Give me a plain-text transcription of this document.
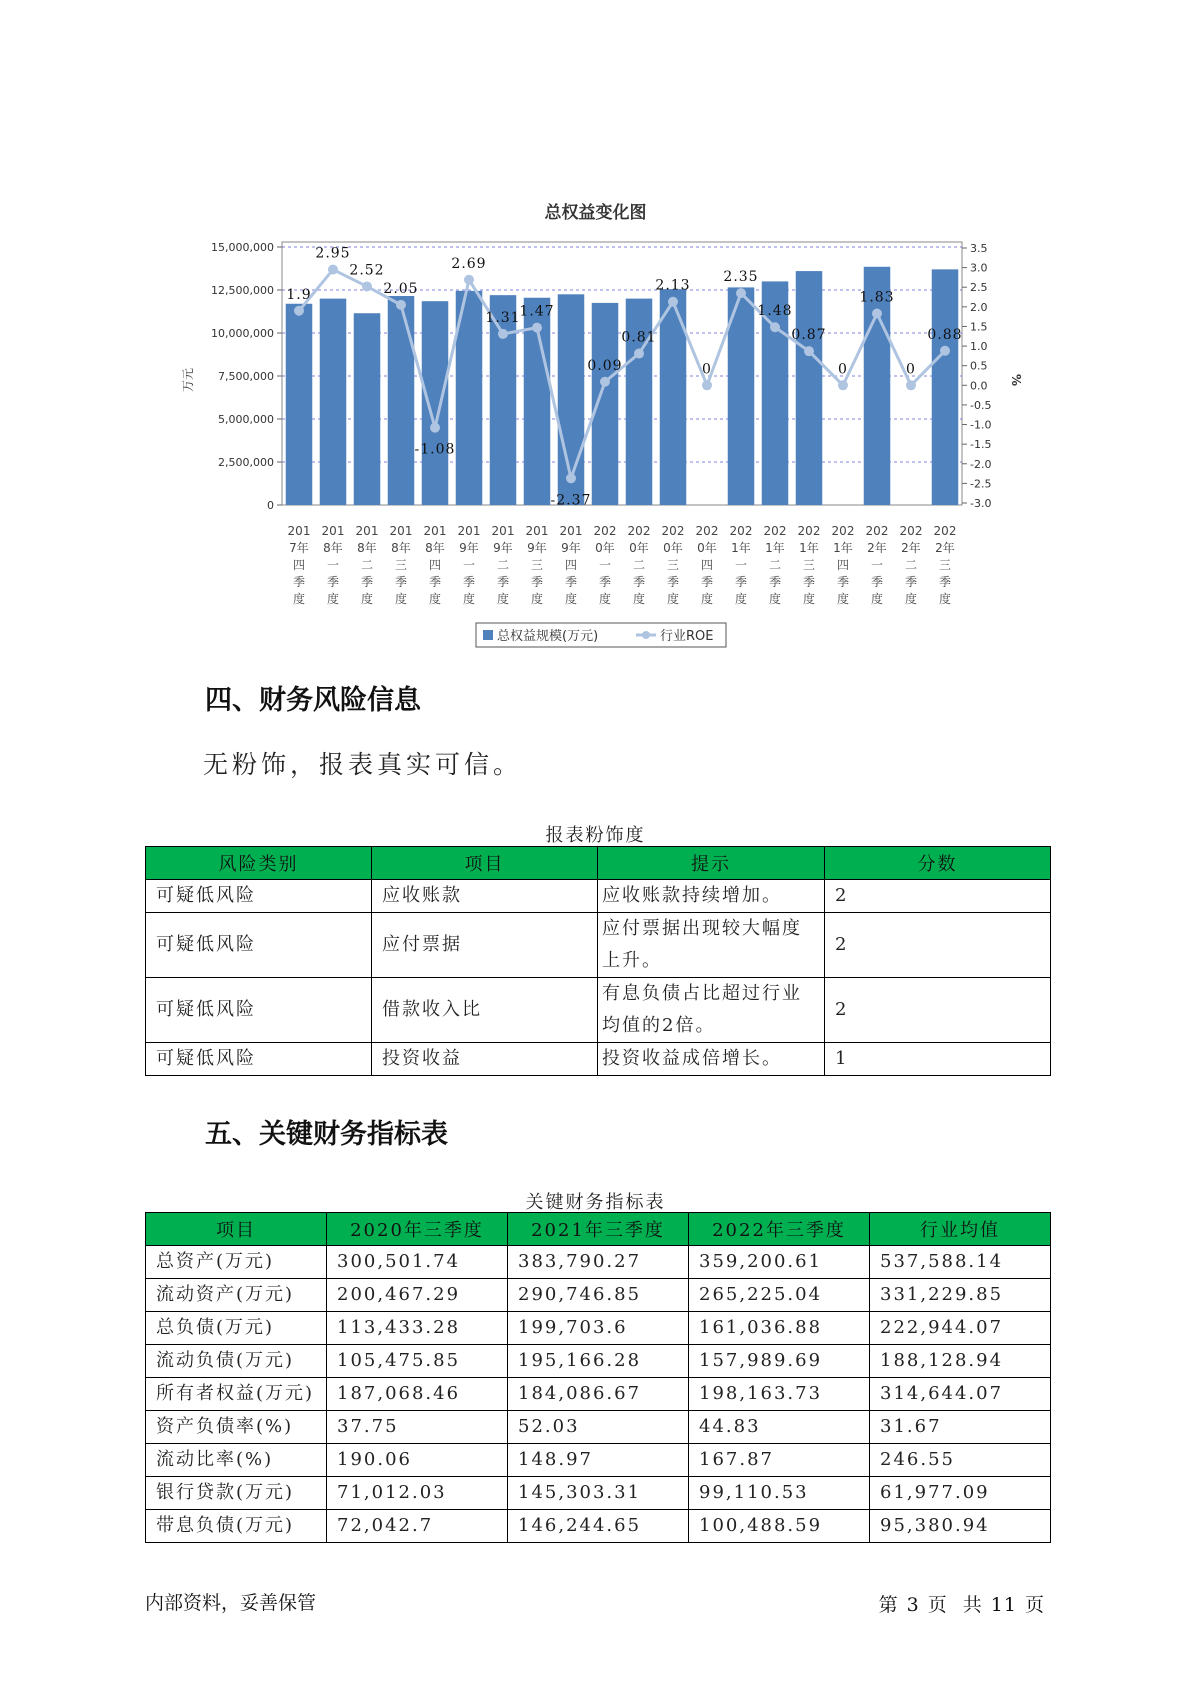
总权益变化图
0
2,500,000
5,000,000
7,500,000
10,000,000
12,500,000
15,000,000	3.5
3.0
2.5
2.0
1.5
1.0
0.5
0.0
-0.5
-1.0
-1.5
-2.0
-2.5
-3.0
万元	%
1.9
2.95
2.52
2.05
-1.08
2.69
1.31
1.47
-2.37
0.09
0.81
2.13
0
2.35
1.48
0.87
0
1.83
0
0.88
201
7年
四
季
度
201
8年
一
季
度
201
8年
二
季
度
201
8年
三
季
度
201
8年
四
季
度
201
9年
一
季
度
201
9年
二
季
度
201
9年
三
季
度
201
9年
四
季
度
202
0年
一
季
度
202
0年
二
季
度
202
0年
三
季
度
202
0年
四
季
度
202
1年
一
季
度
202
1年
二
季
度
202
1年
三
季
度
202
1年
四
季
度
202
2年
一
季
度
202
2年
二
季
度
202
2年
三
季
度
总权益规模(万元)	行业ROE
四、财务风险信息
无粉饰，报表真实可信。
报表粉饰度
风险类别	项目	提示	分数
可疑低风险	应收账款	应收账款持续增加。	2
可疑低风险	应付票据	应付票据出现较大幅度上升。	2
可疑低风险	借款收入比	有息负债占比超过行业均值的2倍。	2
可疑低风险	投资收益	投资收益成倍增长。	1
五、关键财务指标表
关键财务指标表
项目	2020年三季度	2021年三季度	2022年三季度	行业均值
总资产(万元)	300,501.74	383,790.27	359,200.61	537,588.14
流动资产(万元)	200,467.29	290,746.85	265,225.04	331,229.85
总负债(万元)	113,433.28	199,703.6	161,036.88	222,944.07
流动负债(万元)	105,475.85	195,166.28	157,989.69	188,128.94
所有者权益(万元)	187,068.46	184,086.67	198,163.73	314,644.07
资产负债率(%)	37.75	52.03	44.83	31.67
流动比率(%)	190.06	148.97	167.87	246.55
银行贷款(万元)	71,012.03	145,303.31	99,110.53	61,977.09
带息负债(万元)	72,042.7	146,244.65	100,488.59	95,380.94
内部资料，妥善保管	第 3 页 共 11 页
